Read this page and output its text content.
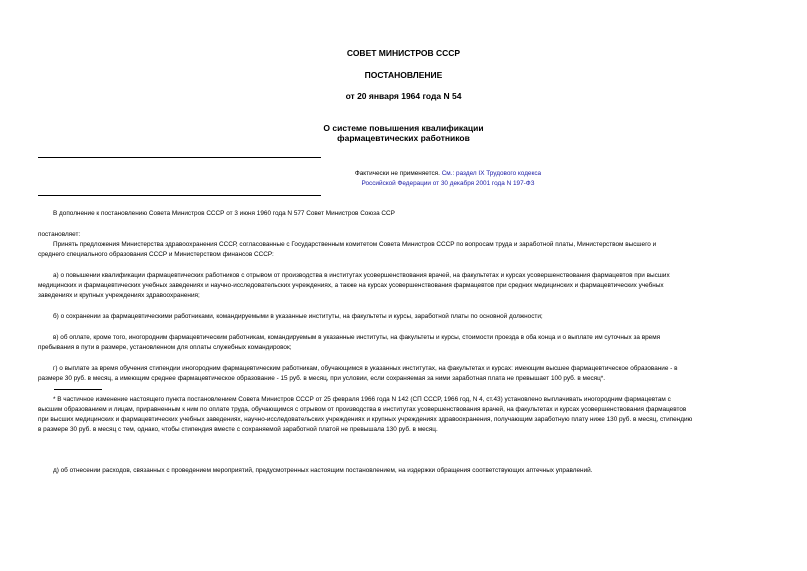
СОВЕТ МИНИСТРОВ СССР
ПОСТАНОВЛЕНИЕ
от 20 января 1964 года N 54
О системе повышения квалификации
фармацевтических работников
Фактически не применяется. См.: раздел IX Трудового кодекса
Российской Федерации от 30 декабря 2001 года N 197-ФЗ
В дополнение к постановлению Совета Министров СССР от 3 июня 1960 года N 577 Совет Министров Союза ССР
постановляет:
Принять предложения Министерства здравоохранения СССР, согласованные с Государственным комитетом Совета Министров СССР по вопросам труда и заработной платы, Министерством высшего и
среднего специального образования СССР и Министерством финансов СССР:
а) о повышении квалификации фармацевтических работников с отрывом от производства в институтах усовершенствования врачей, на факультетах и курсах усовершенствования фармацевтов при высших
медицинских и фармацевтических учебных заведениях и научно-исследовательских учреждениях, а также на курсах усовершенствования фармацевтов при средних медицинских и фармацевтических учебных
заведениях и крупных учреждениях здравоохранения;
б) о сохранении за фармацевтическими работниками, командируемыми в указанные институты, на факультеты и курсы, заработной платы по основной должности;
в) об оплате, кроме того, иногородним фармацевтическим работникам, командируемым в указанные институты, на факультеты и курсы, стоимости проезда в оба конца и о выплате им суточных за время
пребывания в пути в размере, установленном для оплаты служебных командировок;
г) о выплате за время обучения стипендии иногородним фармацевтическим работникам, обучающимся в указанных институтах, на факультетах и курсах: имеющим высшее фармацевтическое образование - в
размере 30 руб. в месяц, а имеющим среднее фармацевтическое образование - 15 руб. в месяц, при условии, если сохраняемая за ними заработная плата не превышает 100 руб. в месяц*.
* В частичное изменение настоящего пункта постановлением Совета Министров СССР от 25 февраля 1966 года N 142 (СП СССР, 1966 год, N 4, ст.43) установлено выплачивать иногородним фармацевтам с
высшим образованием и лицам, приравненным к ним по оплате труда, обучающимся с отрывом от производства в институтах усовершенствования врачей, на факультетах и курсах усовершенствования фармацевтов
при высших медицинских и фармацевтических учебных заведениях, научно-исследовательских учреждениях и крупных учреждениях здравоохранения, получающим заработную плату ниже 130 руб. в месяц, стипендию
в размере 30 руб. в месяц с тем, однако, чтобы стипендия вместе с сохраняемой заработной платой не превышала 130 руб. в месяц.
д) об отнесении расходов, связанных с проведением мероприятий, предусмотренных настоящим постановлением, на издержки обращения соответствующих аптечных управлений.
